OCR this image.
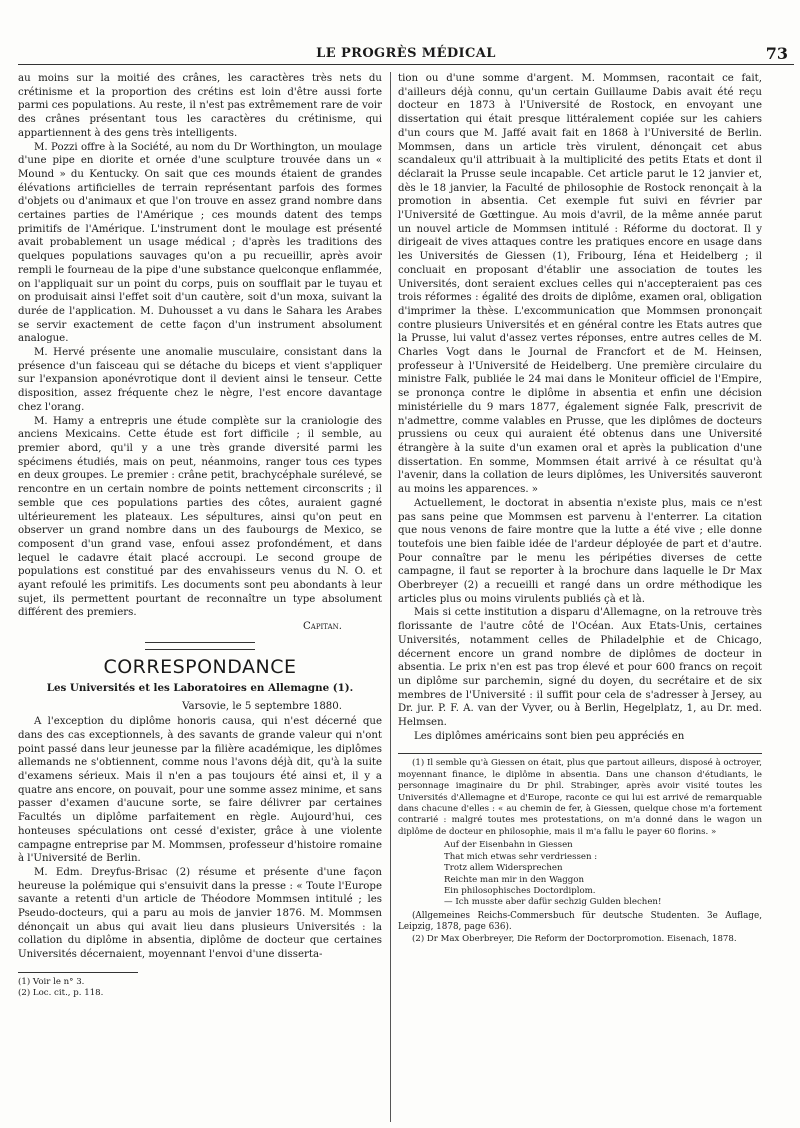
LE PROGRÈS MÉDICAL	73

au moins sur la moitié des crânes, les caractères très nets du crétinisme et la proportion des crétins est loin d'être aussi forte parmi ces populations. Au reste, il n'est pas extrêmement rare de voir des crânes présentant tous les caractères du crétinisme, qui appartiennent à des gens très intelligents.

M. Pozzi offre à la Société, au nom du Dr Worthington, un moulage d'une pipe en diorite et ornée d'une sculpture trouvée dans un « Mound » du Kentucky. On sait que ces mounds étaient de grandes élévations artificielles de terrain représentant parfois des formes d'objets ou d'animaux et que l'on trouve en assez grand nombre dans certaines parties de l'Amérique ; ces mounds datent des temps primitifs de l'Amérique. L'instrument dont le moulage est présenté avait probablement un usage médical ; d'après les traditions des quelques populations sauvages qu'on a pu recueillir, après avoir rempli le fourneau de la pipe d'une substance quelconque enflammée, on l'appliquait sur un point du corps, puis on soufflait par le tuyau et on produisait ainsi l'effet soit d'un cautère, soit d'un moxa, suivant la durée de l'application. M. Duhousset a vu dans le Sahara les Arabes se servir exactement de cette façon d'un instrument absolument analogue.

M. Hervé présente une anomalie musculaire, consistant dans la présence d'un faisceau qui se détache du biceps et vient s'appliquer sur l'expansion aponévrotique dont il devient ainsi le tenseur. Cette disposition, assez fréquente chez le nègre, l'est encore davantage chez l'orang.

M. Hamy a entrepris une étude complète sur la craniologie des anciens Mexicains. Cette étude est fort difficile ; il semble, au premier abord, qu'il y a une très grande diversité parmi les spécimens étudiés, mais on peut, néanmoins, ranger tous ces types en deux groupes. Le premier : crâne petit, brachycéphale surélevé, se rencontre en un certain nombre de points nettement circonscrits ; il semble que ces populations parties des côtes, auraient gagné ultérieurement les plateaux. Les sépultures, ainsi qu'on peut en observer un grand nombre dans un des faubourgs de Mexico, se composent d'un grand vase, enfoui assez profondément, et dans lequel le cadavre était placé accroupi. Le second groupe de populations est constitué par des envahisseurs venus du N. O. et ayant refoulé les primitifs. Les documents sont peu abondants à leur sujet, ils permettent pourtant de reconnaître un type absolument différent des premiers.

Capitan.

CORRESPONDANCE
Les Universités et les Laboratoires en Allemagne (1).

Varsovie, le 5 septembre 1880.

A l'exception du diplôme honoris causa, qui n'est décerné que dans des cas exceptionnels, à des savants de grande valeur qui n'ont point passé dans leur jeunesse par la filière académique, les diplômes allemands ne s'obtiennent, comme nous l'avons déjà dit, qu'à la suite d'examens sérieux. Mais il n'en a pas toujours été ainsi et, il y a quatre ans encore, on pouvait, pour une somme assez minime, et sans passer d'examen d'aucune sorte, se faire délivrer par certaines Facultés un diplôme parfaitement en règle. Aujourd'hui, ces honteuses spéculations ont cessé d'exister, grâce à une violente campagne entreprise par M. Mommsen, professeur d'histoire romaine à l'Université de Berlin.

M. Edm. Dreyfus-Brisac (2) résume et présente d'une façon heureuse la polémique qui s'ensuivit dans la presse : « Toute l'Europe savante a retenti d'un article de Théodore Mommsen intitulé ; les Pseudo-docteurs, qui a paru au mois de janvier 1876. M. Mommsen dénonçait un abus qui avait lieu dans plusieurs Universités : la collation du diplôme in absentia, diplôme de docteur que certaines Universités décernaient, moyennant l'envoi d'une disserta-

(1) Voir le n° 3.

(2) Loc. cit., p. 118.

tion ou d'une somme d'argent. M. Mommsen, racontait ce fait, d'ailleurs déjà connu, qu'un certain Guillaume Dabis avait été reçu docteur en 1873 à l'Université de Rostock, en envoyant une dissertation qui était presque littéralement copiée sur les cahiers d'un cours que M. Jaffé avait fait en 1868 à l'Université de Berlin. Mommsen, dans un article très virulent, dénonçait cet abus scandaleux qu'il attribuait à la multiplicité des petits Etats et dont il déclarait la Prusse seule incapable. Cet article parut le 12 janvier et, dès le 18 janvier, la Faculté de philosophie de Rostock renonçait à la promotion in absentia. Cet exemple fut suivi en février par l'Université de Gœttingue. Au mois d'avril, de la même année parut un nouvel article de Mommsen intitulé : Réforme du doctorat. Il y dirigeait de vives attaques contre les pratiques encore en usage dans les Universités de Giessen (1), Fribourg, Iéna et Heidelberg ; il concluait en proposant d'établir une association de toutes les Universités, dont seraient exclues celles qui n'accepteraient pas ces trois réformes : égalité des droits de diplôme, examen oral, obligation d'imprimer la thèse. L'excommunication que Mommsen prononçait contre plusieurs Universités et en général contre les Etats autres que la Prusse, lui valut d'assez vertes réponses, entre autres celles de M. Charles Vogt dans le Journal de Francfort et de M. Heinsen, professeur à l'Université de Heidelberg. Une première circulaire du ministre Falk, publiée le 24 mai dans le Moniteur officiel de l'Empire, se prononça contre le diplôme in absentia et enfin une décision ministérielle du 9 mars 1877, également signée Falk, prescrivit de n'admettre, comme valables en Prusse, que les diplômes de docteurs prussiens ou ceux qui auraient été obtenus dans une Université étrangère à la suite d'un examen oral et après la publication d'une dissertation. En somme, Mommsen était arrivé à ce résultat qu'à l'avenir, dans la collation de leurs diplômes, les Universités sauveront au moins les apparences. »

Actuellement, le doctorat in absentia n'existe plus, mais ce n'est pas sans peine que Mommsen est parvenu à l'enterrer. La citation que nous venons de faire montre que la lutte a été vive ; elle donne toutefois une bien faible idée de l'ardeur déployée de part et d'autre. Pour connaître par le menu les péripéties diverses de cette campagne, il faut se reporter à la brochure dans laquelle le Dr Max Oberbreyer (2) a recueilli et rangé dans un ordre méthodique les articles plus ou moins virulents publiés çà et là.

Mais si cette institution a disparu d'Allemagne, on la retrouve très florissante de l'autre côté de l'Océan. Aux Etats-Unis, certaines Universités, notamment celles de Philadelphie et de Chicago, décernent encore un grand nombre de diplômes de docteur in absentia. Le prix n'en est pas trop élevé et pour 600 francs on reçoit un diplôme sur parchemin, signé du doyen, du secrétaire et de six membres de l'Université : il suffit pour cela de s'adresser à Jersey, au Dr. jur. P. F. A. van der Vyver, ou à Berlin, Hegelplatz, 1, au Dr. med. Helmsen.

Les diplômes américains sont bien peu appréciés en

(1) Il semble qu'à Giessen on était, plus que partout ailleurs, disposé à octroyer, moyennant finance, le diplôme in absentia. Dans une chanson d'étudiants, le personnage imaginaire du Dr phil. Strabinger, après avoir visité toutes les Universités d'Allemagne et d'Europe, raconte ce qui lui est arrivé de remarquable dans chacune d'elles : « au chemin de fer, à Giessen, quelque chose m'a fortement contrarié : malgré toutes mes protestations, on m'a donné dans le wagon un diplôme de docteur en philosophie, mais il m'a fallu le payer 60 florins. »

Auf der Eisenbahn in Giessen
That mich etwas sehr verdriessen :
Trotz allem Widersprechen
Reichte man mir in den Waggon
Ein philosophisches Doctordiplom.
— Ich musste aber dafür sechzig Gulden blechen!

(Allgemeines Reichs-Commersbuch für deutsche Studenten. 3e Auflage, Leipzig, 1878, page 636).

(2) Dr Max Oberbreyer, Die Reform der Doctorpromotion. Eisenach, 1878.
